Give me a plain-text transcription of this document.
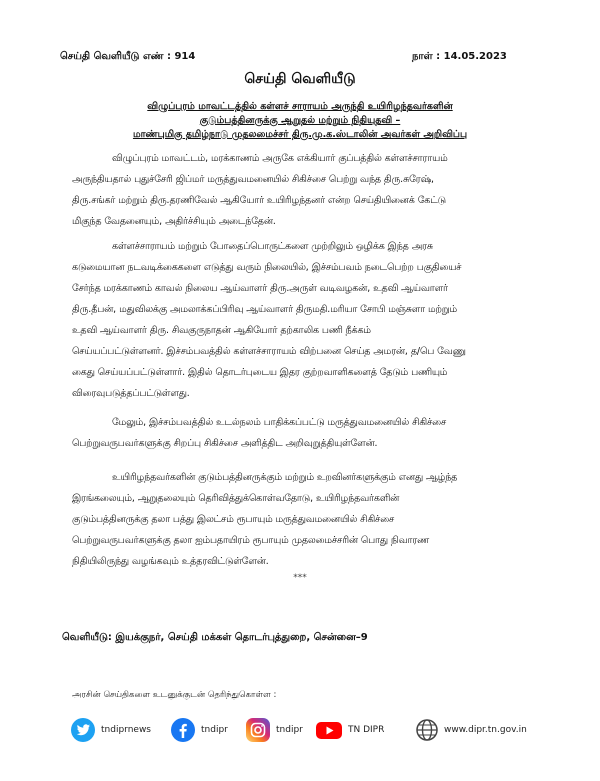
செய்தி வெளியீடு எண் : 914	நாள் : 14.05.2023
செய்தி வெளியீடு
விழுப்புரம் மாவட்டத்தில் கள்ளச் சாராயம் அருந்தி உயிரிழந்தவர்களின்
குடும்பத்தினருக்கு ஆறுதல் மற்றும் நிதியுதவி –
மாண்புமிகு தமிழ்நாடு முதலமைச்சர் திரு.மு.க.ஸ்டாலின் அவர்கள் அறிவிப்பு
விழுப்புரம் மாவட்டம், மரக்காணம் அருகே எக்கியார் குப்பத்தில் கள்ளச்சாராயம்
அருந்தியதால் புதுச்சேரி ஜிப்மர் மருத்துவமனையில் சிகிச்சை பெற்று வந்த திரு.சுரேஷ்,
திரு.சங்கர் மற்றும் திரு.தரணிவேல் ஆகியோர் உயிரிழந்தனர் என்ற செய்தியினைக் கேட்டு
மிகுந்த வேதனையும், அதிர்ச்சியும் அடைந்தேன்.
கள்ளச்சாராயம் மற்றும் போதைப்பொருட்களை முற்றிலும் ஒழிக்க இந்த அரசு
கடுமையான நடவடிக்கைகளை எடுத்து வரும் நிலையில், இச்சம்பவம் நடைபெற்ற பகுதியைச்
சேர்ந்த மரக்காணம் காவல் நிலைய ஆய்வாளர் திரு.அருள் வடிவழகன், உதவி ஆய்வாளர்
திரு.தீபன், மதுவிலக்கு அமலாக்கப்பிரிவு ஆய்வாளர் திருமதி.மரியா சோபி மஞ்சுளா மற்றும்
உதவி ஆய்வாளர் திரு. சிவகுருநாதன் ஆகியோர் தற்காலிக பணி நீக்கம்
செய்யப்பட்டுள்ளனர். இச்சம்பவத்தில் கள்ளச்சாராயம் விற்பனை செய்த அமரன், த/பெ வேணு
கைது செய்யப்பட்டுள்ளார். இதில் தொடர்புடைய இதர குற்றவாளிகளைத் தேடும் பணியும்
விரைவுபடுத்தப்பட்டுள்ளது.
மேலும், இச்சம்பவத்தில் உடல்நலம் பாதிக்கப்பட்டு மருத்துவமனையில் சிகிச்சை
பெற்றுவருபவர்களுக்கு சிறப்பு சிகிச்சை அளித்திட அறிவுறுத்தியுள்ளேன்.
உயிரிழந்தவர்களின் குடும்பத்தினருக்கும் மற்றும் உறவினர்களுக்கும் எனது ஆழ்ந்த
இரங்கலையும், ஆறுதலையும் தெரிவித்துக்கொள்வதோடு, உயிரிழந்தவர்களின்
குடும்பத்தினருக்கு தலா பத்து இலட்சம் ரூபாயும் மருத்துவமனையில் சிகிச்சை
பெற்றுவருபவர்களுக்கு தலா ஐம்பதாயிரம் ரூபாயும் முதலமைச்சரின் பொது நிவாரண
நிதியிலிருந்து வழங்கவும் உத்தரவிட்டுள்ளேன்.
***
வெளியீடு: இயக்குநர், செய்தி மக்கள் தொடர்புத்துறை, சென்னை–9
அரசின் செய்திகளை உடனுக்குடன் தெரிந்துகொள்ள :
tndiprnews	tndipr	tndipr	TN DIPR	www.dipr.tn.gov.in
